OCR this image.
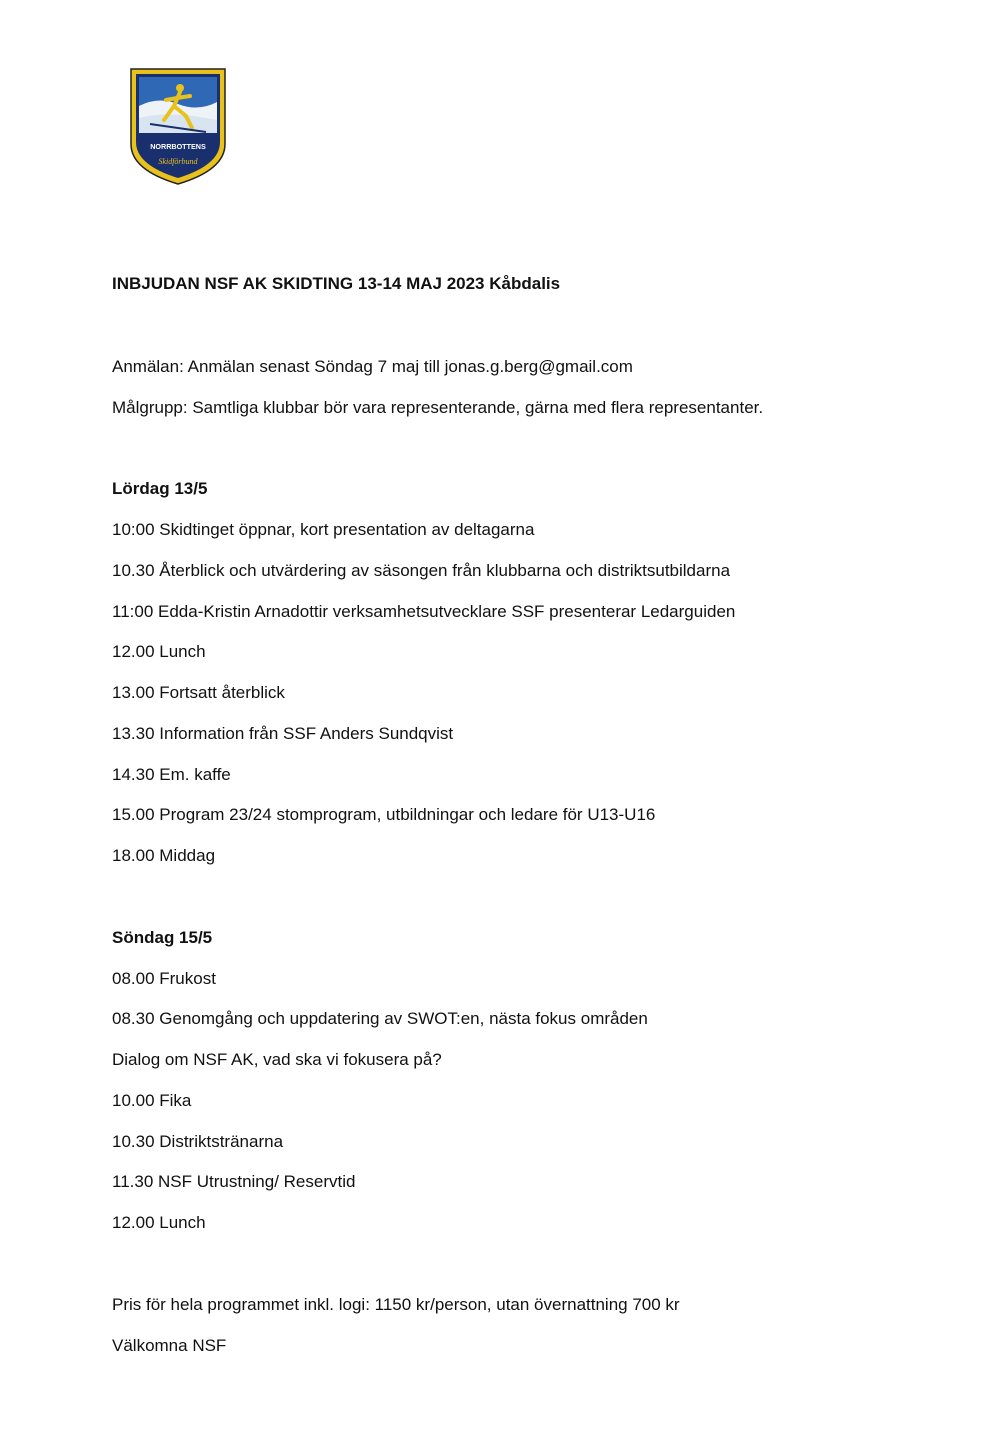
NORRBOTTENS
Skidförbund
INBJUDAN NSF AK SKIDTING 13-14 MAJ 2023 Kåbdalis
Anmälan: Anmälan senast Söndag 7 maj till jonas.g.berg@gmail.com
Målgrupp: Samtliga klubbar bör vara representerande, gärna med flera representanter.
Lördag 13/5
10:00 Skidtinget öppnar, kort presentation av deltagarna
10.30 Återblick och utvärdering av säsongen från klubbarna och distriktsutbildarna
11:00 Edda-Kristin Arnadottir verksamhetsutvecklare SSF presenterar Ledarguiden
12.00 Lunch
13.00 Fortsatt återblick
13.30 Information från SSF Anders Sundqvist
14.30 Em. kaffe
15.00 Program 23/24 stomprogram, utbildningar och ledare för U13-U16
18.00 Middag
Söndag 15/5
08.00 Frukost
08.30 Genomgång och uppdatering av SWOT:en, nästa fokus områden
Dialog om NSF AK, vad ska vi fokusera på?
10.00 Fika
10.30 Distriktstränarna
11.30 NSF Utrustning/ Reservtid
12.00 Lunch
Pris för hela programmet inkl. logi: 1150 kr/person, utan övernattning 700 kr
Välkomna NSF
